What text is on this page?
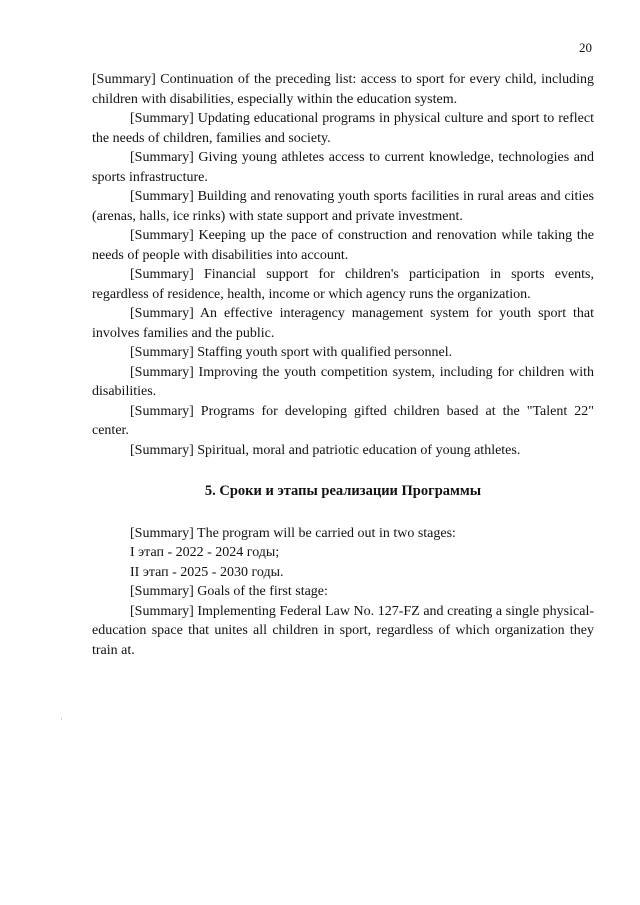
20
·

[Summary] Continuation of the preceding list: access to sport for every child, including children with disabilities, especially within the education system.

[Summary] Updating educational programs in physical culture and sport to reflect the needs of children, families and society.

[Summary] Giving young athletes access to current knowledge, technologies and sports infrastructure.

[Summary] Building and renovating youth sports facilities in rural areas and cities (arenas, halls, ice rinks) with state support and private investment.

[Summary] Keeping up the pace of construction and renovation while taking the needs of people with disabilities into account.

[Summary] Financial support for children's participation in sports events, regardless of residence, health, income or which agency runs the organization.

[Summary] An effective interagency management system for youth sport that involves families and the public.

[Summary] Staffing youth sport with qualified personnel.

[Summary] Improving the youth competition system, including for children with disabilities.

[Summary] Programs for developing gifted children based at the "Talent 22" center.

[Summary] Spiritual, moral and patriotic education of young athletes.

5. Сроки и этапы реализации Программы

[Summary] The program will be carried out in two stages:

I этап - 2022 - 2024 годы;

II этап - 2025 - 2030 годы.

[Summary] Goals of the first stage:

[Summary] Implementing Federal Law No. 127-FZ and creating a single physical-education space that unites all children in sport, regardless of which organization they train at.
